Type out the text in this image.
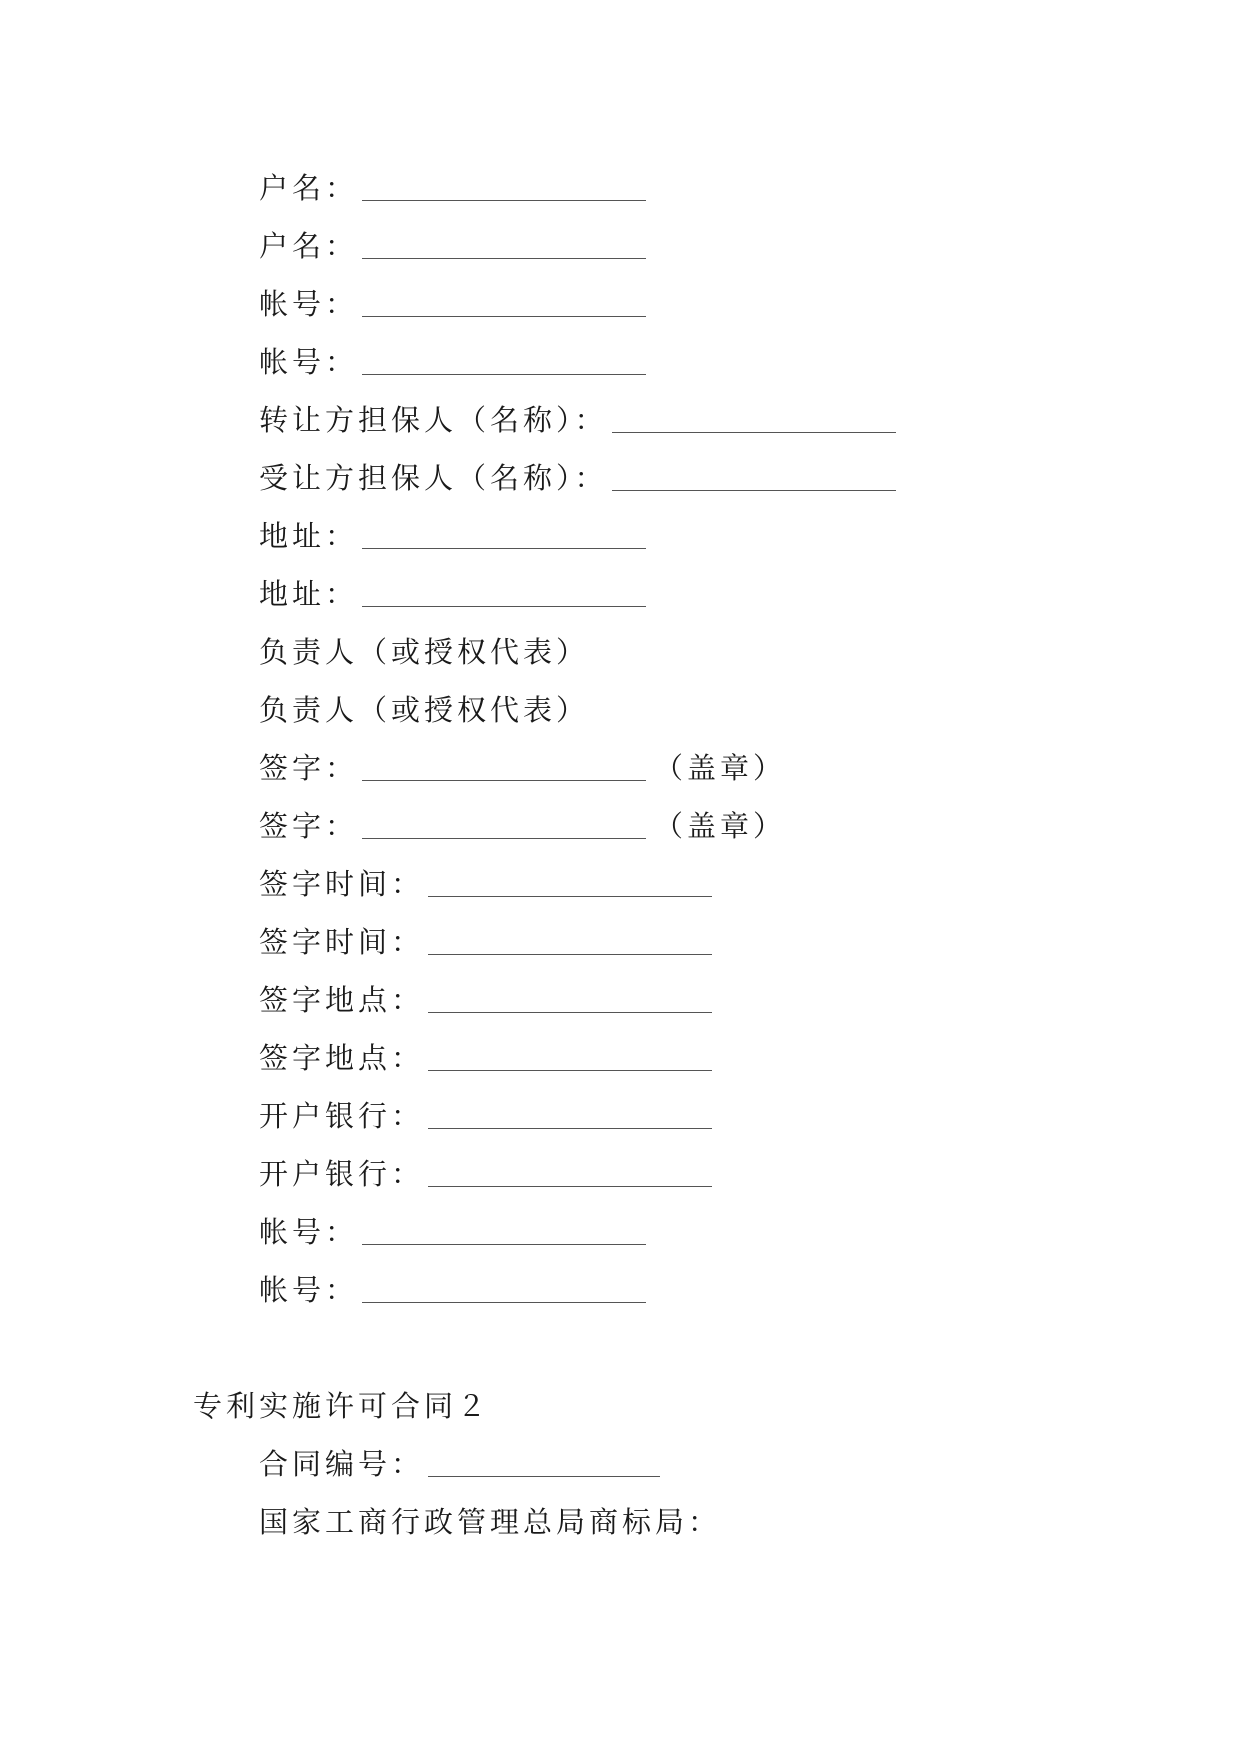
户名：
户名：
帐号：
帐号：
转让方担保人（名称）：
受让方担保人（名称）：
地址：
地址：
负责人（或授权代表）
负责人（或授权代表）
签字：	（盖章）
签字：	（盖章）
签字时间：
签字时间：
签字地点：
签字地点：
开户银行：
开户银行：
帐号：
帐号：
专利实施许可合同２
合同编号：
国家工商行政管理总局商标局：
